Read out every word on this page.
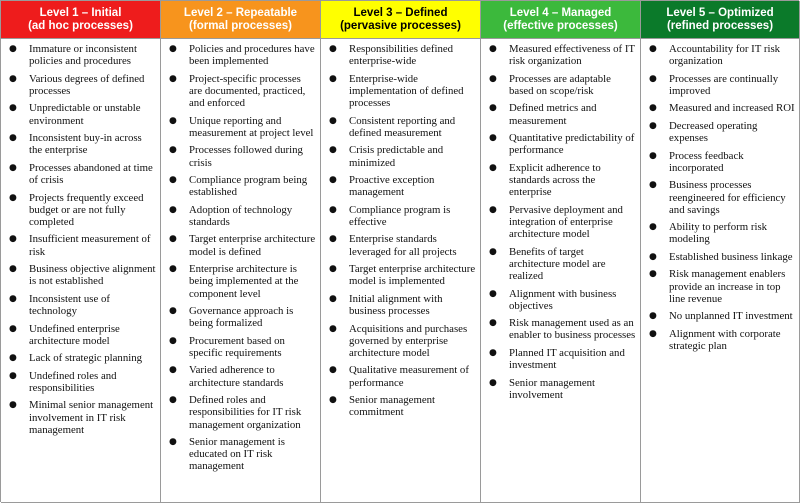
Level 1 – Initial
(ad hoc processes)
Level 2 – Repeatable
(formal processes)
Level 3 – Defined
(pervasive processes)
Level 4 – Managed
(effective processes)
Level 5 – Optimized
(refined processes)
● Immature or inconsistent policies and procedures
● Various degrees of defined processes
● Unpredictable or unstable environment
● Inconsistent buy-in across the enterprise
● Processes abandoned at time of crisis
● Projects frequently exceed budget or are not fully completed
● Insufficient measurement of risk
● Business objective alignment is not established
● Inconsistent use of technology
● Undefined enterprise architecture model
● Lack of strategic planning
● Undefined roles and responsibilities
● Minimal senior management involvement in IT risk management
● Policies and procedures have been implemented
● Project-specific processes are documented, practiced, and enforced
● Unique reporting and measurement at project level
● Processes followed during crisis
● Compliance program being established
● Adoption of technology standards
● Target enterprise architecture model is defined
● Enterprise architecture is being implemented at the component level
● Governance approach is being formalized
● Procurement based on specific requirements
● Varied adherence to architecture standards
● Defined roles and responsibilities for IT risk management organization
● Senior management is educated on IT risk management
● Responsibilities defined enterprise-wide
● Enterprise-wide implementation of defined processes
● Consistent reporting and defined measurement
● Crisis predictable and minimized
● Proactive exception management
● Compliance program is effective
● Enterprise standards leveraged for all projects
● Target enterprise architecture model is implemented
● Initial alignment with business processes
● Acquisitions and purchases governed by enterprise architecture model
● Qualitative measurement of performance
● Senior management commitment
● Measured effectiveness of IT risk organization
● Processes are adaptable based on scope/risk
● Defined metrics and measurement
● Quantitative predictability of performance
● Explicit adherence to standards across the enterprise
● Pervasive deployment and integration of enterprise architecture model
● Benefits of target architecture model are realized
● Alignment with business objectives
● Risk management used as an enabler to business processes
● Planned IT acquisition and investment
● Senior management involvement
● Accountability for IT risk organization
● Processes are continually improved
● Measured and increased ROI
● Decreased operating expenses
● Process feedback incorporated
● Business processes reengineered for efficiency and savings
● Ability to perform risk modeling
● Established business linkage
● Risk management enablers provide an increase in top line revenue
● No unplanned IT investment
● Alignment with corporate strategic plan
